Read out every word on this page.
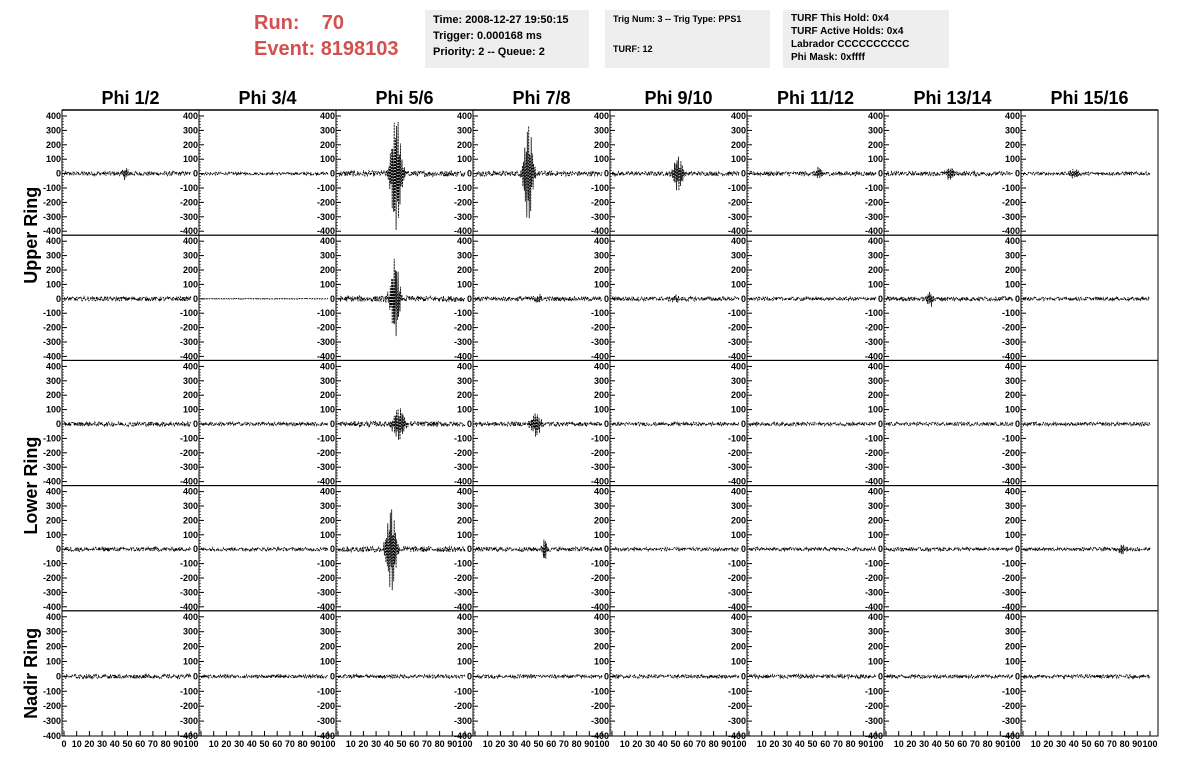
Run: 70
Event: 8198103
Time: 2008-12-27 19:50:15
Trigger: 0.000168 ms
Priority: 2 -- Queue: 2
Trig Num: 3 -- Trig Type: PPS1
TURF: 12
TURF This Hold: 0x4
TURF Active Holds: 0x4
Labrador CCCCCCCCCC
Phi Mask: 0xffff
Phi 1/2	Phi 3/4	Phi 5/6	Phi 7/8	Phi 9/10	Phi 11/12	Phi 13/14	Phi 15/16
Upper Ring
Lower Ring
Nadir Ring
400
300
200
100
0
-100
-200
-300
-400
400
300
200
100
0
-100
-200
-300
-400
400
300
200
100
0
-100
-200
-300
-400
400
300
200
100
0
-100
-200
-300
-400
400
300
200
100
0
-100
-200
-300
-400
400
300
200
100
0
-100
-200
-300
-400
400
300
200
100
0
-100
-200
-300
-400
400
300
200
100
0
-100
-200
-300
-400
400
300
200
100
0
-100
-200
-300
-400
400
300
200
100
0
-100
-200
-300
-400
400
300
200
100
0
-100
-200
-300
-400
400
300
200
100
0
-100
-200
-300
-400
400
300
200
100
0
-100
-200
-300
-400
400
300
200
100
0
-100
-200
-300
-400
400
300
200
100
0
-100
-200
-300
-400
400
300
200
100
0
-100
-200
-300
-400
400
300
200
100
0
-100
-200
-300
-400
400
300
200
100
0
-100
-200
-300
-400
400
300
200
100
0
-100
-200
-300
-400
400
300
200
100
0
-100
-200
-300
-400
400
300
200
100
0
-100
-200
-300
-400
400
300
200
100
0
-100
-200
-300
-400
400
300
200
100
0
-100
-200
-300
-400
400
300
200
100
0
-100
-200
-300
-400
400
300
200
100
0
-100
-200
-300
-400
400
300
200
100
0
-100
-200
-300
-400
400
300
200
100
0
-100
-200
-300
-400
400
300
200
100
0
-100
-200
-300
-400
400
300
200
100
0
-100
-200
-300
-400
400
300
200
100
0
-100
-200
-300
-400
400
300
200
100
0
-100
-200
-300
-400
400
300
200
100
0
-100
-200
-300
-400
400
300
200
100
0
-100
-200
-300
-400
0 10 20 30 40 50 60 70 80 90 100
400
300
200
100
0
-100
-200
-300
-400
10 20 30 40 50 60 70 80 90 100
400
300
200
100
0
-100
-200
-300
-400
10 20 30 40 50 60 70 80 90 100
400
300
200
100
0
-100
-200
-300
-400
10 20 30 40 50 60 70 80 90 100
400
300
200
100
0
-100
-200
-300
-400
10 20 30 40 50 60 70 80 90 100
400
300
200
100
0
-100
-200
-300
-400
10 20 30 40 50 60 70 80 90 100
400
300
200
100
0
-100
-200
-300
-400
10 20 30 40 50 60 70 80 90 100
400
300
200
100
0
-100
-200
-300
-400
10 20 30 40 50 60 70 80 90 100
